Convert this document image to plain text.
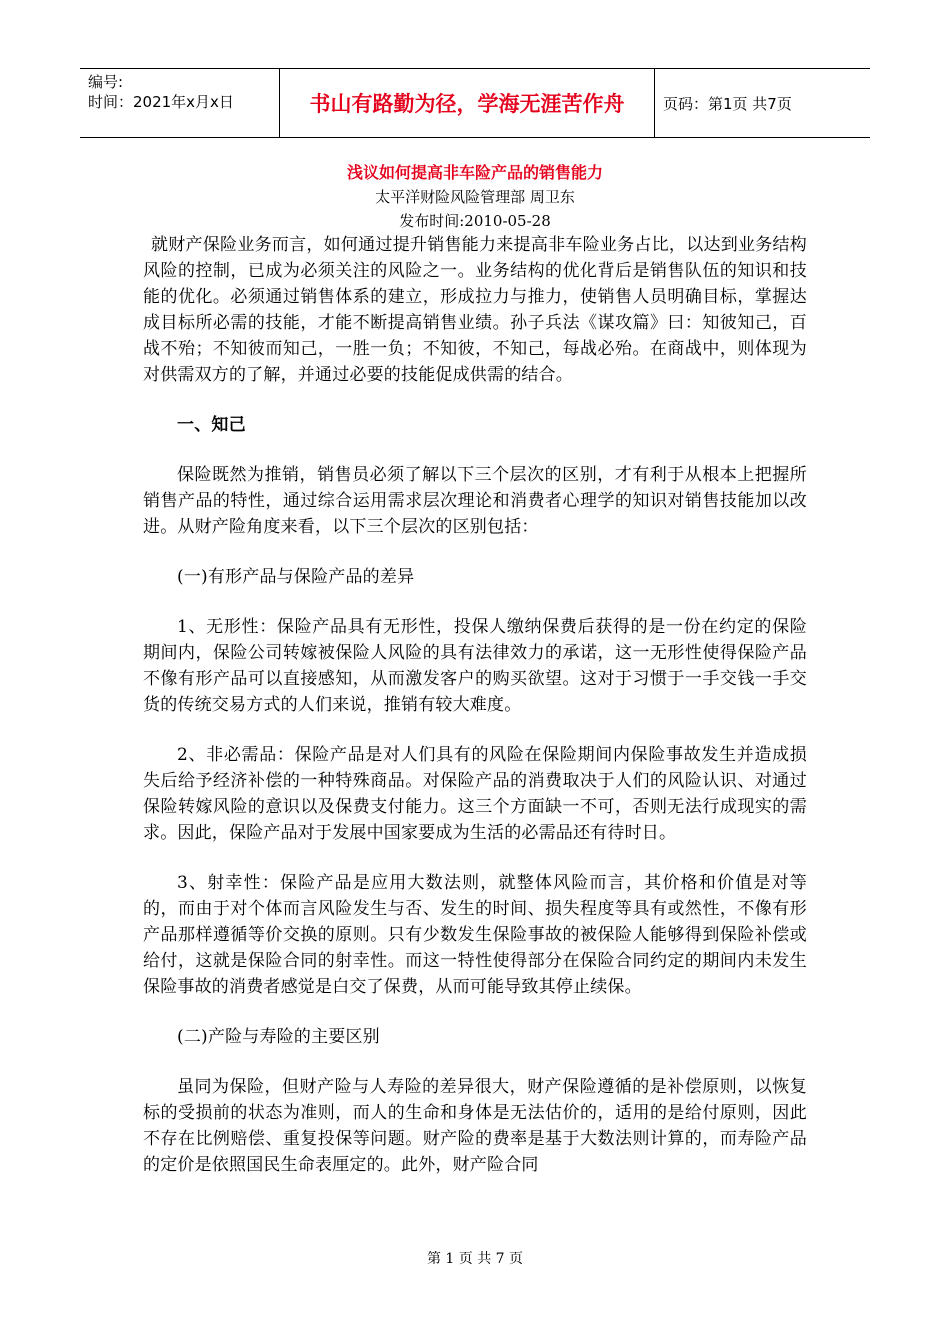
编号:
时间：2021年x月x日	书山有路勤为径，学海无涯苦作舟	页码：第1页 共7页
浅议如何提高非车险产品的销售能力
太平洋财险风险管理部 周卫东
发布时间:2010-05-28

就财产保险业务而言，如何通过提升销售能力来提高非车险业务占比，以达到业务结构风险的控制，已成为必须关注的风险之一。业务结构的优化背后是销售队伍的知识和技能的优化。必须通过销售体系的建立，形成拉力与推力，使销售人员明确目标，掌握达成目标所必需的技能，才能不断提高销售业绩。孙子兵法《谋攻篇》曰：知彼知己，百战不殆；不知彼而知己，一胜一负；不知彼，不知己，每战必殆。在商战中，则体现为对供需双方的了解，并通过必要的技能促成供需的结合。

一、知己

保险既然为推销，销售员必须了解以下三个层次的区别，才有利于从根本上把握所销售产品的特性，通过综合运用需求层次理论和消费者心理学的知识对销售技能加以改进。从财产险角度来看，以下三个层次的区别包括：

(一)有形产品与保险产品的差异

1、无形性：保险产品具有无形性，投保人缴纳保费后获得的是一份在约定的保险期间内，保险公司转嫁被保险人风险的具有法律效力的承诺，这一无形性使得保险产品不像有形产品可以直接感知，从而激发客户的购买欲望。这对于习惯于一手交钱一手交货的传统交易方式的人们来说，推销有较大难度。

2、非必需品：保险产品是对人们具有的风险在保险期间内保险事故发生并造成损失后给予经济补偿的一种特殊商品。对保险产品的消费取决于人们的风险认识、对通过保险转嫁风险的意识以及保费支付能力。这三个方面缺一不可，否则无法行成现实的需求。因此，保险产品对于发展中国家要成为生活的必需品还有待时日。

3、射幸性：保险产品是应用大数法则，就整体风险而言，其价格和价值是对等的，而由于对个体而言风险发生与否、发生的时间、损失程度等具有或然性，不像有形产品那样遵循等价交换的原则。只有少数发生保险事故的被保险人能够得到保险补偿或给付，这就是保险合同的射幸性。而这一特性使得部分在保险合同约定的期间内未发生保险事故的消费者感觉是白交了保费，从而可能导致其停止续保。

(二)产险与寿险的主要区别

虽同为保险，但财产险与人寿险的差异很大，财产保险遵循的是补偿原则，以恢复标的受损前的状态为准则，而人的生命和身体是无法估价的，适用的是给付原则，因此不存在比例赔偿、重复投保等问题。财产险的费率是基于大数法则计算的，而寿险产品的定价是依照国民生命表厘定的。此外，财产险合同

第 1 页 共 7 页
